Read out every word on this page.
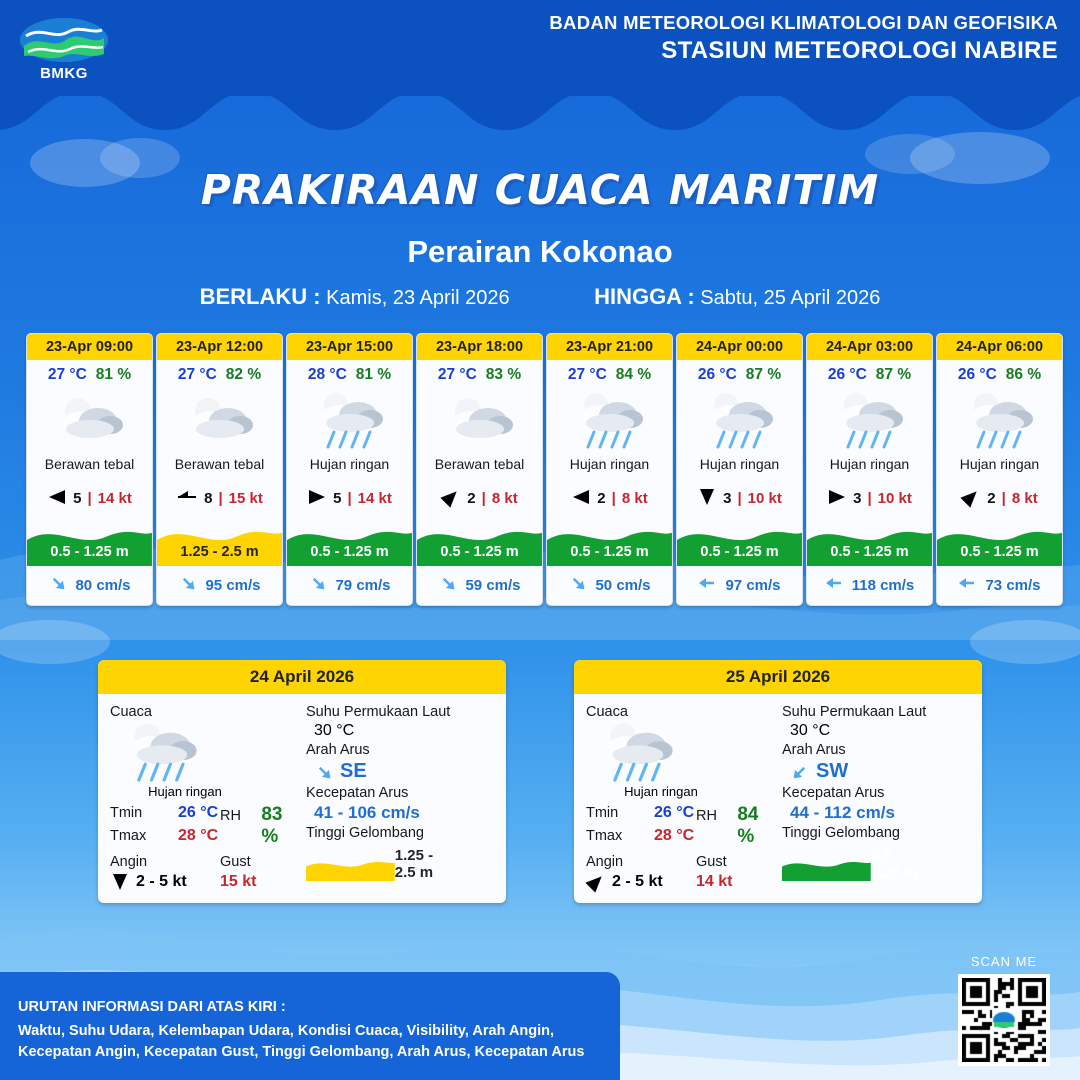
BMKG
BADAN METEOROLOGI KLIMATOLOGI DAN GEOFISIKA
STASIUN METEOROLOGI NABIRE
PRAKIRAAN CUACA MARITIM
Perairan Kokonao
BERLAKU : Kamis, 23 April 2026	HINGGA : Sabtu, 25 April 2026
23-Apr 09:00
27 °C 81 %
Berawan tebal
5 | 14 kt
0.5 - 1.25 m
80 cm/s
23-Apr 12:00
27 °C 82 %
Berawan tebal
8 | 15 kt
1.25 - 2.5 m
95 cm/s
23-Apr 15:00
28 °C 81 %
Hujan ringan
5 | 14 kt
0.5 - 1.25 m
79 cm/s
23-Apr 18:00
27 °C 83 %
Berawan tebal
2 | 8 kt
0.5 - 1.25 m
59 cm/s
23-Apr 21:00
27 °C 84 %
Hujan ringan
2 | 8 kt
0.5 - 1.25 m
50 cm/s
24-Apr 00:00
26 °C 87 %
Hujan ringan
3 | 10 kt
0.5 - 1.25 m
97 cm/s
24-Apr 03:00
26 °C 87 %
Hujan ringan
3 | 10 kt
0.5 - 1.25 m
118 cm/s
24-Apr 06:00
26 °C 86 %
Hujan ringan
2 | 8 kt
0.5 - 1.25 m
73 cm/s
24 April 2026
Cuaca
Hujan ringan
Tmin	26 °C
Tmax	28 °C
RH	83 %
Angin
2 - 5 kt
Gust
15 kt
Suhu Permukaan Laut
30 °C
Arah Arus
SE
Kecepatan Arus
41 - 106 cm/s
Tinggi Gelombang
1.25 - 2.5 m
25 April 2026
Cuaca
Hujan ringan
Tmin	26 °C
Tmax	28 °C
RH	84 %
Angin
2 - 5 kt
Gust
14 kt
Suhu Permukaan Laut
30 °C
Arah Arus
SW
Kecepatan Arus
44 - 112 cm/s
Tinggi Gelombang
0.5 - 1.25 m
URUTAN INFORMASI DARI ATAS KIRI :
Waktu, Suhu Udara, Kelembapan Udara, Kondisi Cuaca, Visibility, Arah Angin,
Kecepatan Angin, Kecepatan Gust, Tinggi Gelombang, Arah Arus, Kecepatan Arus
SCAN ME
